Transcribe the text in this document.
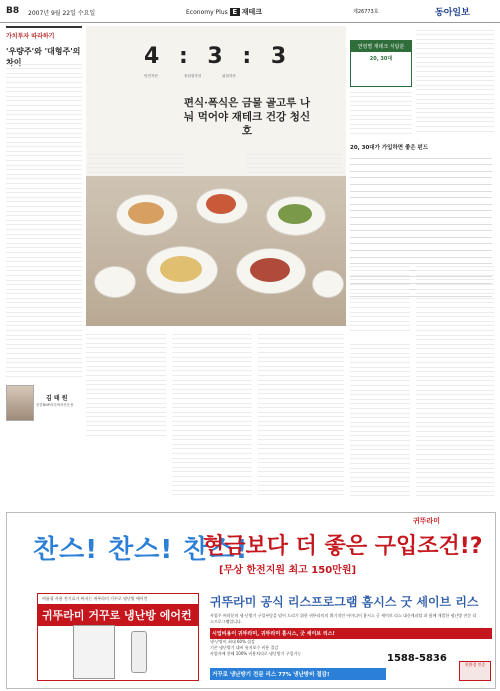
B8 2007년 9월 22일 수요일	Economy Plus E 재테크	제26773호	동아일보
가치투자 따라하기
'우량주'와 '대형주'의 차이
김 태 원
신한BNP파리바자산운용
4 : 3 : 3
안전자산	중위험자산	위험자산
편식·폭식은 금물 골고루 나눠 먹어야 재테크 건강 청신호
연령별 재테크 식탐분
20, 30대
20, 30대가 가입하면 좋은 펀드

귀뚜라미
찬스! 찬스! 찬스!
현금보다 더 좋은 구입조건!?
[무상 한전지원 최고 150만원]
여름철 사용 전기료가 싸지는 귀뚜라미 거꾸로 냉난방 에어컨
귀뚜라미 거꾸로 냉난방 에어컨
귀뚜라미 공식 리스프로그램 홈시스 굿 세이브 리스
사업주 여러분의 냉·난방기 구입부담을 덜어 드리기 위한 귀뚜라미의 획기적인 아이디어 홈시스 굿 세이브 리스 대신캐피탈 과 함께 개발한 냉난방 전문 리스프로그램입니다.
시업비용이 귀뚜라미, 귀뚜라미 홈시스, 굿 세이브 리스!
냉·난방비 최대 60% 절감
기존 냉난방기 대비 유지보수 비용 절감
사업자에 한해 100% 비용처리로 냉난방기 구입가능
거꾸로 냉난방기 전문 리스 77% 냉난방비 절감!
1588-5836
친환경 인증
